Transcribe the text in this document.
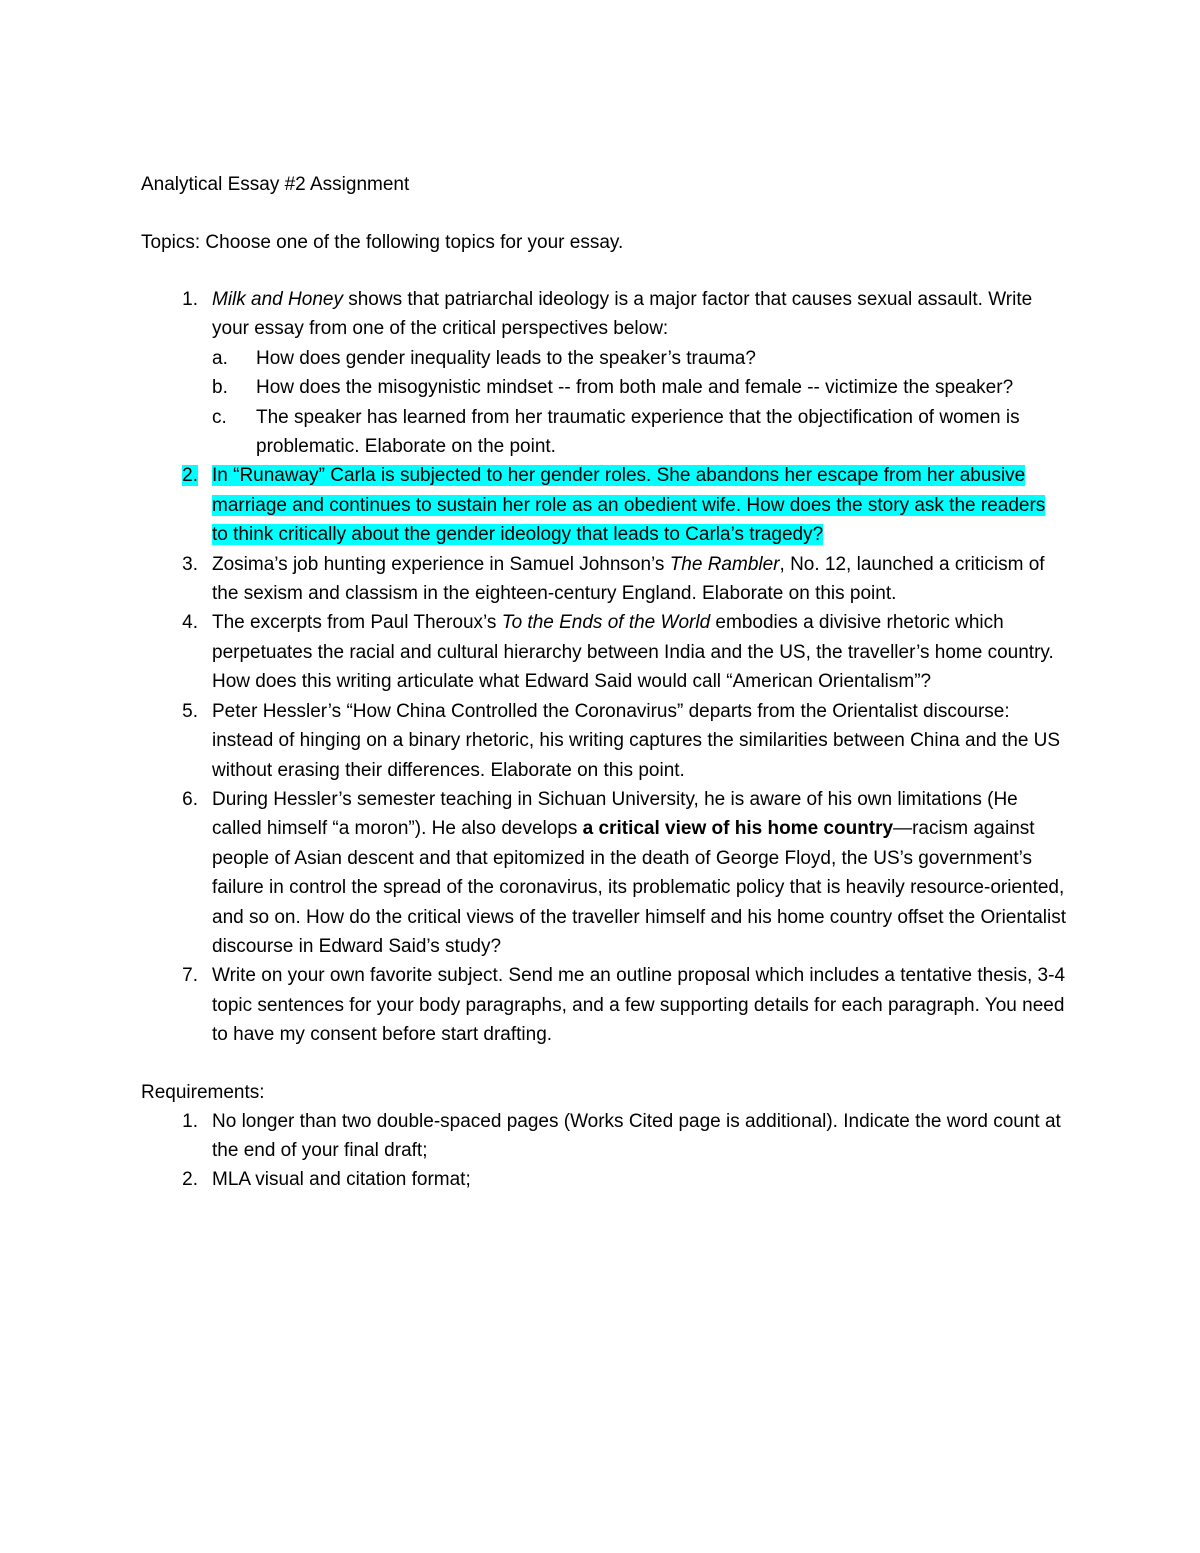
Analytical Essay #2 Assignment
Topics: Choose one of the following topics for your essay.
1. Milk and Honey shows that patriarchal ideology is a major factor that causes sexual assault. Write your essay from one of the critical perspectives below:
a.	How does gender inequality leads to the speaker’s trauma?
b.	How does the misogynistic mindset -- from both male and female -- victimize the speaker?
c.	The speaker has learned from her traumatic experience that the objectification of women is problematic. Elaborate on the point.
2. In “Runaway” Carla is subjected to her gender roles. She abandons her escape from her abusive marriage and continues to sustain her role as an obedient wife. How does the story ask the readers to think critically about the gender ideology that leads to Carla’s tragedy?
3. Zosima’s job hunting experience in Samuel Johnson’s The Rambler, No. 12, launched a criticism of the sexism and classism in the eighteen-century England. Elaborate on this point.
4. The excerpts from Paul Theroux’s To the Ends of the World embodies a divisive rhetoric which perpetuates the racial and cultural hierarchy between India and the US, the traveller’s home country. How does this writing articulate what Edward Said would call “American Orientalism”?
5. Peter Hessler’s “How China Controlled the Coronavirus” departs from the Orientalist discourse: instead of hinging on a binary rhetoric, his writing captures the similarities between China and the US without erasing their differences. Elaborate on this point.
6. During Hessler’s semester teaching in Sichuan University, he is aware of his own limitations (He called himself “a moron”). He also develops a critical view of his home country—racism against people of Asian descent and that epitomized in the death of George Floyd, the US’s government’s failure in control the spread of the coronavirus, its problematic policy that is heavily resource-oriented, and so on. How do the critical views of the traveller himself and his home country offset the Orientalist discourse in Edward Said’s study?
7. Write on your own favorite subject. Send me an outline proposal which includes a tentative thesis, 3-4 topic sentences for your body paragraphs, and a few supporting details for each paragraph. You need to have my consent before start drafting.
Requirements:
1. No longer than two double-spaced pages (Works Cited page is additional). Indicate the word count at the end of your final draft;
2. MLA visual and citation format;
